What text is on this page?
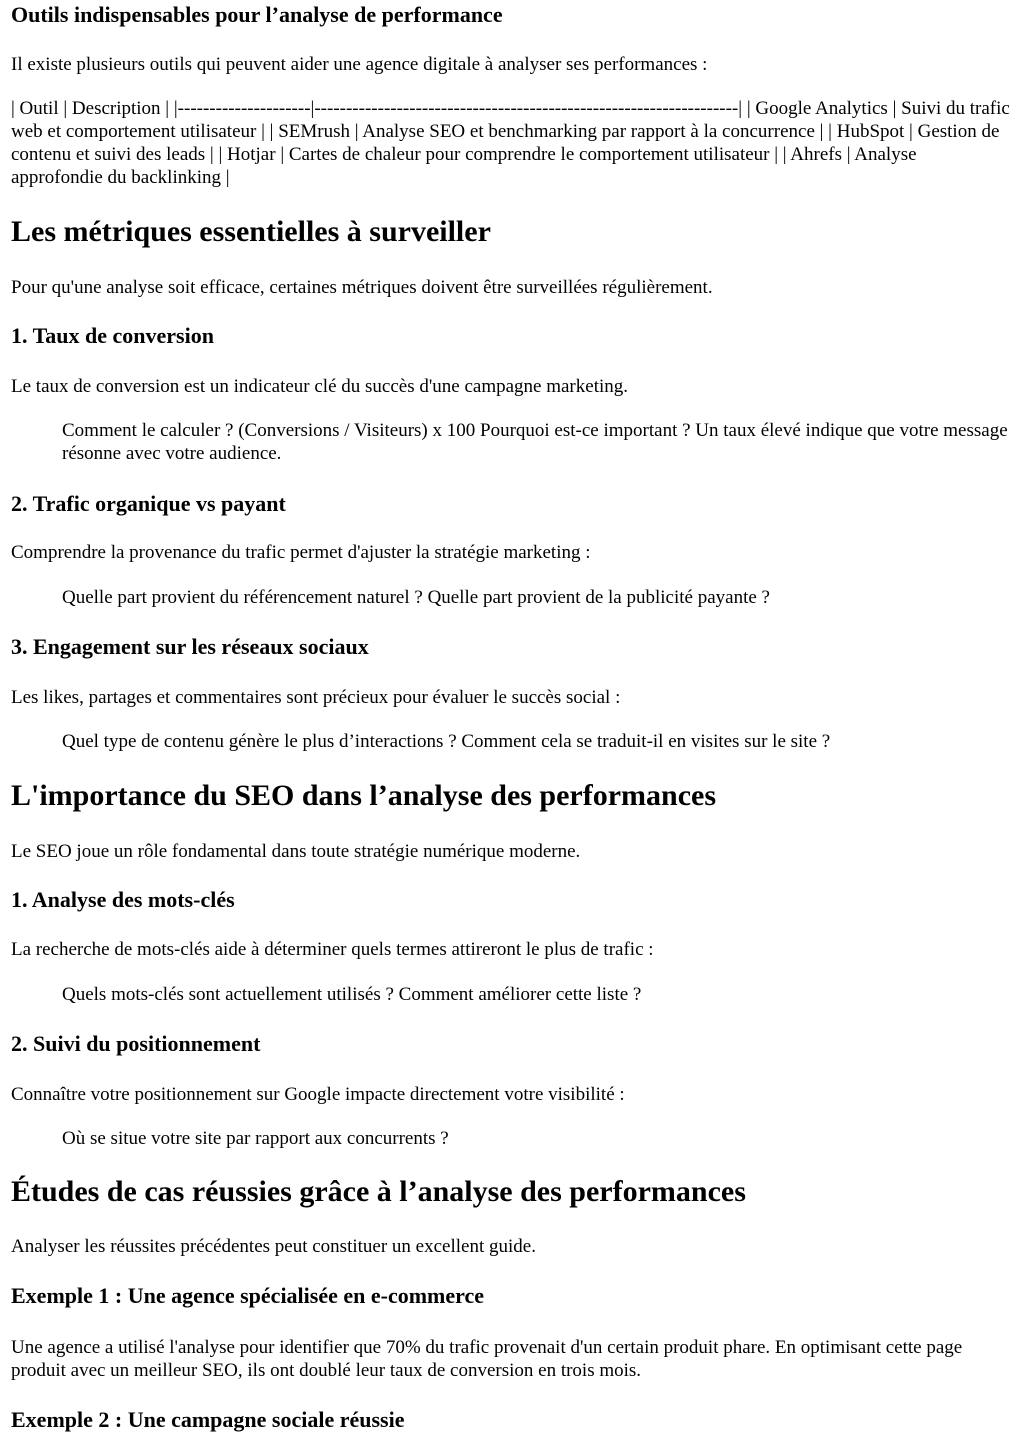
Outils indispensables pour l’analyse de performance

Il existe plusieurs outils qui peuvent aider une agence digitale à analyser ses performances :

| Outil | Description | |---------------------|-------------------------------------------------------------------| | Google Analytics | Suivi du trafic web et comportement utilisateur | | SEMrush | Analyse SEO et benchmarking par rapport à la concurrence | | HubSpot | Gestion de contenu et suivi des leads | | Hotjar | Cartes de chaleur pour comprendre le comportement utilisateur | | Ahrefs | Analyse approfondie du backlinking |

Les métriques essentielles à surveiller

Pour qu'une analyse soit efficace, certaines métriques doivent être surveillées régulièrement.

1. Taux de conversion

Le taux de conversion est un indicateur clé du succès d'une campagne marketing.

Comment le calculer ? (Conversions / Visiteurs) x 100 Pourquoi est-ce important ? Un taux élevé indique que votre message résonne avec votre audience.
2. Trafic organique vs payant

Comprendre la provenance du trafic permet d'ajuster la stratégie marketing :

Quelle part provient du référencement naturel ? Quelle part provient de la publicité payante ?
3. Engagement sur les réseaux sociaux

Les likes, partages et commentaires sont précieux pour évaluer le succès social :

Quel type de contenu génère le plus d’interactions ? Comment cela se traduit-il en visites sur le site ?
L'importance du SEO dans l’analyse des performances

Le SEO joue un rôle fondamental dans toute stratégie numérique moderne.

1. Analyse des mots-clés

La recherche de mots-clés aide à déterminer quels termes attireront le plus de trafic :

Quels mots-clés sont actuellement utilisés ? Comment améliorer cette liste ?
2. Suivi du positionnement

Connaître votre positionnement sur Google impacte directement votre visibilité :

Où se situe votre site par rapport aux concurrents ?
Études de cas réussies grâce à l’analyse des performances

Analyser les réussites précédentes peut constituer un excellent guide.

Exemple 1 : Une agence spécialisée en e-commerce

Une agence a utilisé l'analyse pour identifier que 70% du trafic provenait d'un certain produit phare. En optimisant cette page produit avec un meilleur SEO, ils ont doublé leur taux de conversion en trois mois.

Exemple 2 : Une campagne sociale réussie
